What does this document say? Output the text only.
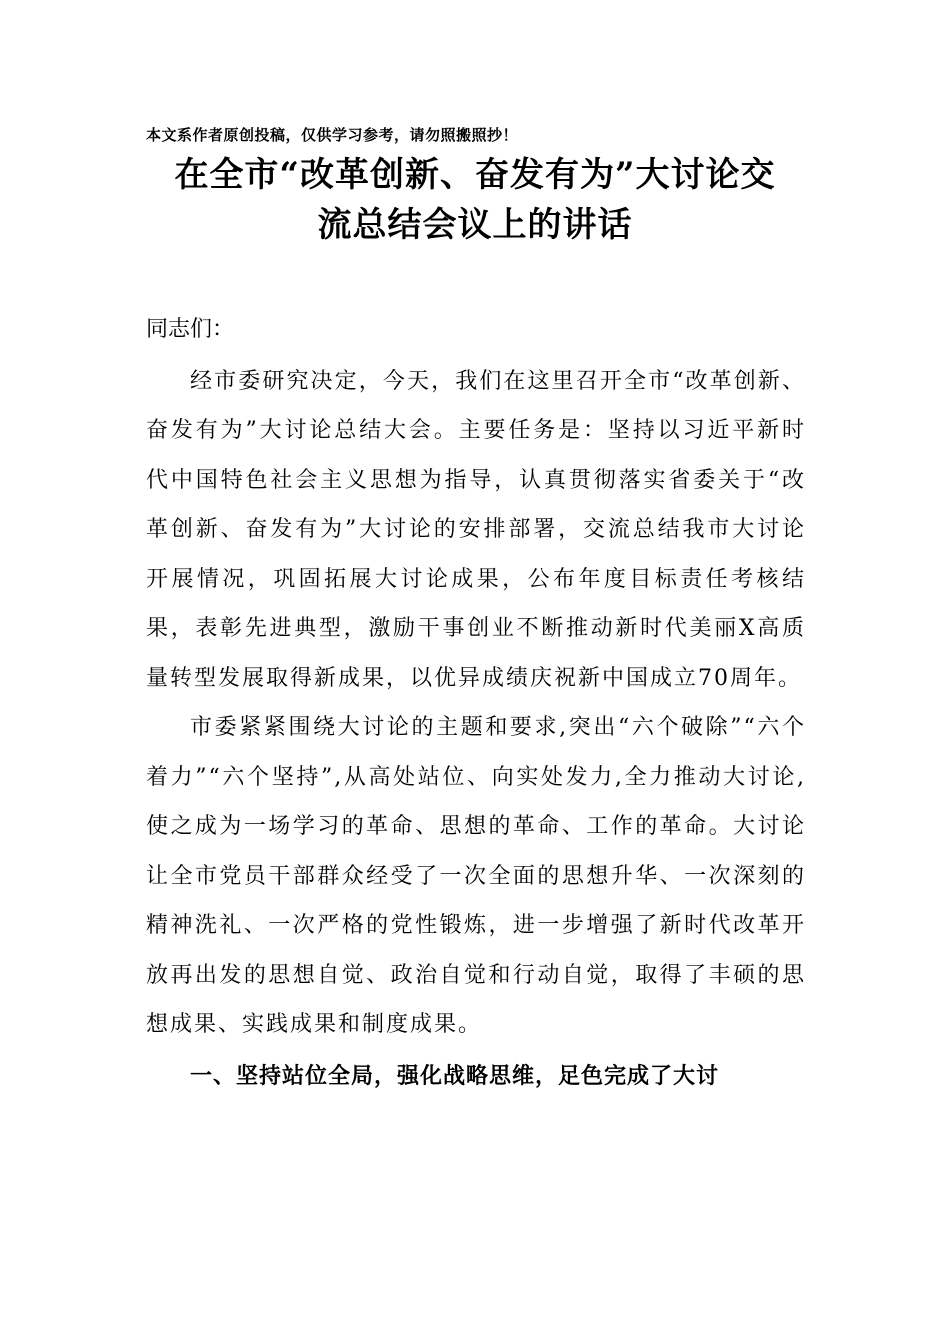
本文系作者原创投稿，仅供学习参考，请勿照搬照抄！
在全市“改革创新、奋发有为”大讨论交
流总结会议上的讲话

同志们：

经市委研究决定，今天，我们在这里召开全市“改革创新、奋发有为”大讨论总结大会。主要任务是：坚持以习近平新时代中国特色社会主义思想为指导，认真贯彻落实省委关于“改革创新、奋发有为”大讨论的安排部署，交流总结我市大讨论开展情况，巩固拓展大讨论成果，公布年度目标责任考核结果，表彰先进典型，激励干事创业不断推动新时代美丽X高质量转型发展取得新成果，以优异成绩庆祝新中国成立70周年。

市委紧紧围绕大讨论的主题和要求,突出“六个破除”“六个着力”“六个坚持”,从高处站位、向实处发力,全力推动大讨论,使之成为一场学习的革命、思想的革命、工作的革命。大讨论让全市党员干部群众经受了一次全面的思想升华、一次深刻的精神洗礼、一次严格的党性锻炼，进一步增强了新时代改革开放再出发的思想自觉、政治自觉和行动自觉，取得了丰硕的思想成果、实践成果和制度成果。

一、坚持站位全局，强化战略思维，足色完成了大讨
